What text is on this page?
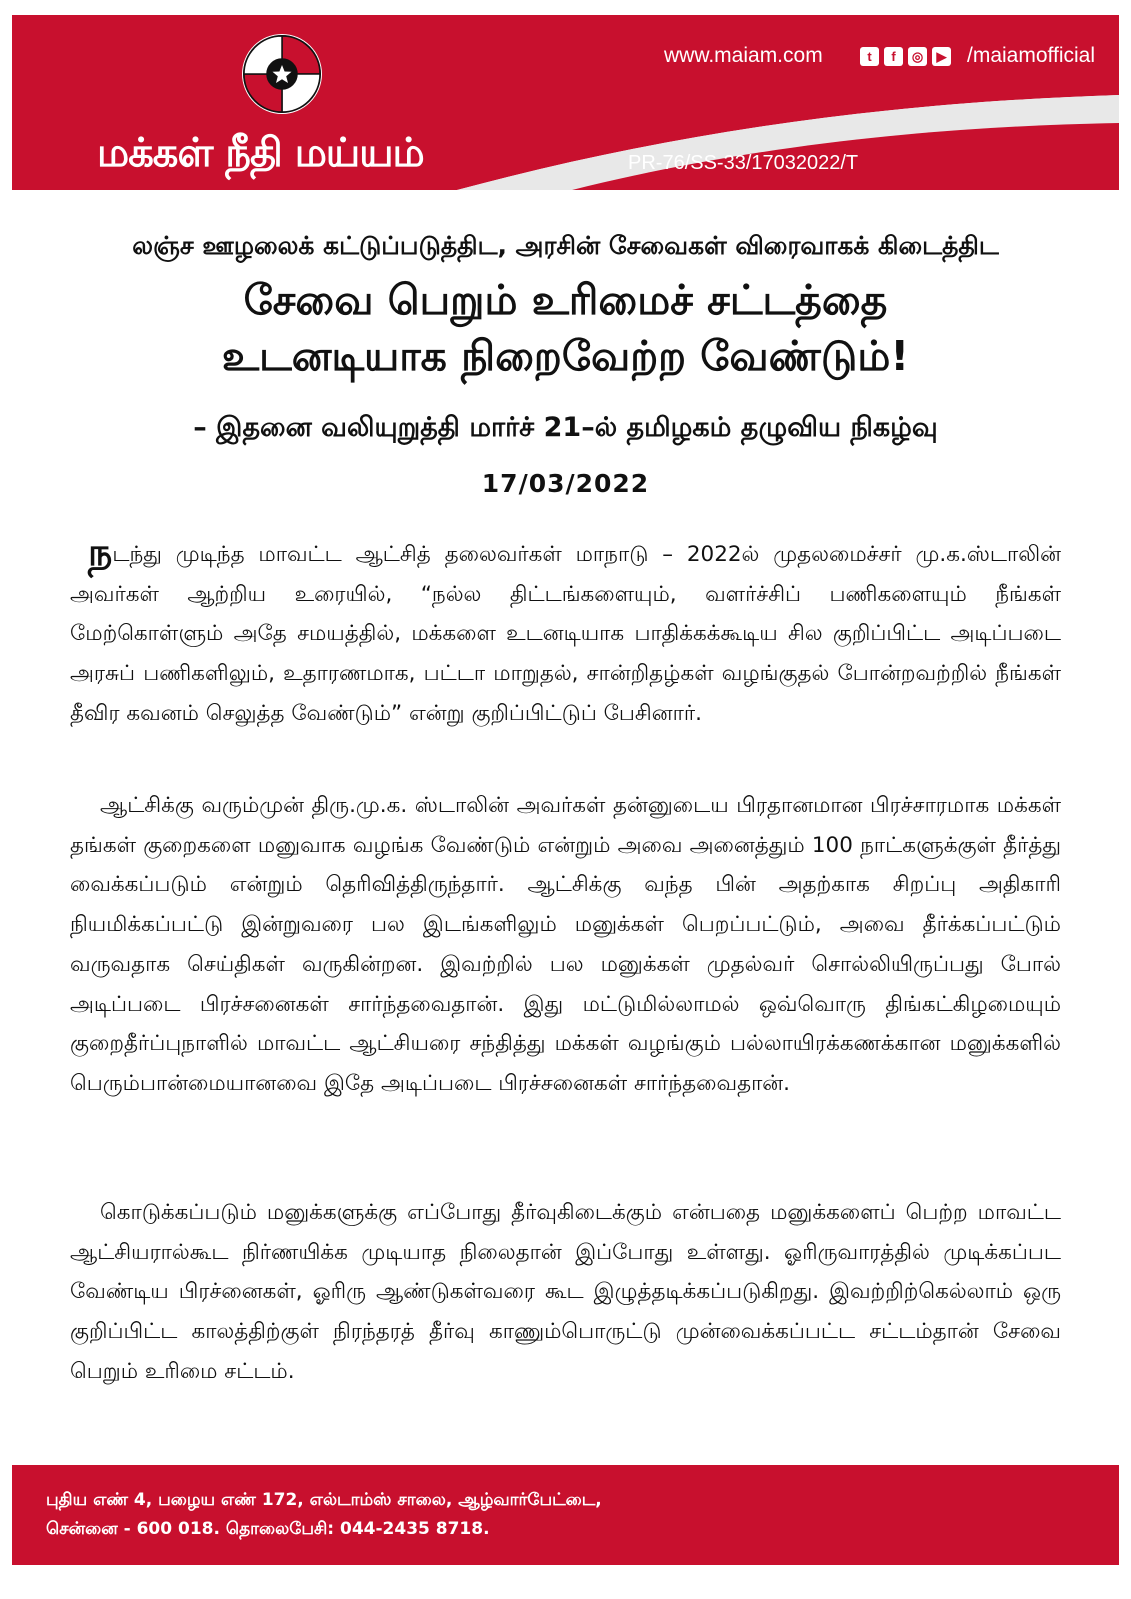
மக்கள் நீதி மய்யம்
www.maiam.com	t	f	◎	▶ /maiamofficial
PR-76/SS-33/17032022/T
லஞ்ச ஊழலைக் கட்டுப்படுத்திட, அரசின் சேவைகள் விரைவாகக் கிடைத்திட
சேவை பெறும் உரிமைச் சட்டத்தை
உடனடியாக நிறைவேற்ற வேண்டும்!
– இதனை வலியுறுத்தி மார்ச் 21–ல் தமிழகம் தழுவிய நிகழ்வு
17/03/2022

நடந்து முடிந்த மாவட்ட ஆட்சித் தலைவர்கள் மாநாடு – 2022ல் முதலமைச்சர் மு.க.ஸ்டாலின் அவர்கள் ஆற்றிய உரையில், “நல்ல திட்டங்களையும், வளர்ச்சிப் பணிகளையும் நீங்கள் மேற்கொள்ளும் அதே சமயத்தில், மக்களை உடனடியாக பாதிக்கக்கூடிய சில குறிப்பிட்ட அடிப்படை அரசுப் பணிகளிலும், உதாரணமாக, பட்டா மாறுதல், சான்றிதழ்கள் வழங்குதல் போன்றவற்றில் நீங்கள் தீவிர கவனம் செலுத்த வேண்டும்” என்று குறிப்பிட்டுப் பேசினார்.

ஆட்சிக்கு வரும்முன் திரு.மு.க. ஸ்டாலின் அவர்கள் தன்னுடைய பிரதானமான பிரச்சாரமாக மக்கள் தங்கள் குறைகளை மனுவாக வழங்க வேண்டும் என்றும் அவை அனைத்தும் 100 நாட்களுக்குள் தீர்த்து வைக்கப்படும் என்றும் தெரிவித்திருந்தார். ஆட்சிக்கு வந்த பின் அதற்காக சிறப்பு அதிகாரி நியமிக்கப்பட்டு இன்றுவரை பல இடங்களிலும் மனுக்கள் பெறப்பட்டும், அவை தீர்க்கப்பட்டும் வருவதாக செய்திகள் வருகின்றன. இவற்றில் பல மனுக்கள் முதல்வர் சொல்லியிருப்பது போல் அடிப்படை பிரச்சனைகள் சார்ந்தவைதான். இது மட்டுமில்லாமல் ஒவ்வொரு திங்கட்கிழமையும் குறைதீர்ப்புநாளில் மாவட்ட ஆட்சியரை சந்தித்து மக்கள் வழங்கும் பல்லாயிரக்கணக்கான மனுக்களில் பெரும்பான்மையானவை இதே அடிப்படை பிரச்சனைகள் சார்ந்தவைதான்.

கொடுக்கப்படும் மனுக்களுக்கு எப்போது தீர்வுகிடைக்கும் என்பதை மனுக்களைப் பெற்ற மாவட்ட ஆட்சியரால்கூட நிர்ணயிக்க முடியாத நிலைதான் இப்போது உள்ளது. ஓரிருவாரத்தில் முடிக்கப்பட வேண்டிய பிரச்னைகள், ஓரிரு ஆண்டுகள்வரை கூட இழுத்தடிக்கப்படுகிறது. இவற்றிற்கெல்லாம் ஒரு குறிப்பிட்ட காலத்திற்குள் நிரந்தரத் தீர்வு காணும்பொருட்டு முன்வைக்கப்பட்ட சட்டம்தான் சேவை பெறும் உரிமை சட்டம்.

புதிய எண் 4, பழைய எண் 172, எல்டாம்ஸ் சாலை, ஆழ்வார்பேட்டை,
சென்னை - 600 018. தொலைபேசி: 044-2435 8718.
